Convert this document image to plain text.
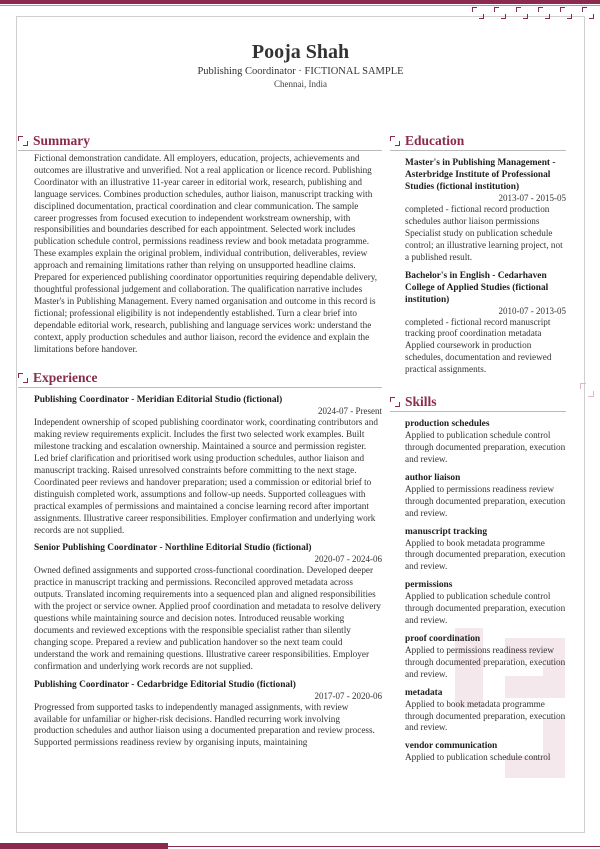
Pooja Shah
Publishing Coordinator · FICTIONAL SAMPLE
Chennai, India
Summary
Fictional demonstration candidate. All employers, education, projects, achievements and outcomes are illustrative and unverified. Not a real application or licence record. Publishing Coordinator with an illustrative 11-year career in editorial work, research, publishing and language services. Combines production schedules, author liaison, manuscript tracking with disciplined documentation, practical coordination and clear communication. The sample career progresses from focused execution to independent workstream ownership, with responsibilities and boundaries described for each appointment. Selected work includes publication schedule control, permissions readiness review and book metadata programme. These examples explain the original problem, individual contribution, deliverables, review approach and remaining limitations rather than relying on unsupported headline claims. Prepared for experienced publishing coordinator opportunities requiring dependable delivery, thoughtful professional judgement and collaboration. The qualification narrative includes Master's in Publishing Management. Every named organisation and outcome in this record is fictional; professional eligibility is not independently established. Turn a clear brief into dependable editorial work, research, publishing and language services work: understand the context, apply production schedules and author liaison, record the evidence and explain the limitations before handover.
Experience
Publishing Coordinator - Meridian Editorial Studio (fictional)
2024-07 - Present
Independent ownership of scoped publishing coordinator work, coordinating contributors and making review requirements explicit. Includes the first two selected work examples. Built milestone tracking and escalation ownership. Maintained a source and permission register. Led brief clarification and prioritised work using production schedules, author liaison and manuscript tracking. Raised unresolved constraints before committing to the next stage. Coordinated peer reviews and handover preparation; used a commission or editorial brief to distinguish completed work, assumptions and follow-up needs. Supported colleagues with practical examples of permissions and maintained a concise learning record after important assignments. Illustrative career responsibilities. Employer confirmation and underlying work records are not supplied.
Senior Publishing Coordinator - Northline Editorial Studio (fictional)
2020-07 - 2024-06
Owned defined assignments and supported cross-functional coordination. Developed deeper practice in manuscript tracking and permissions. Reconciled approved metadata across outputs. Translated incoming requirements into a sequenced plan and aligned responsibilities with the project or service owner. Applied proof coordination and metadata to resolve delivery questions while maintaining source and decision notes. Introduced reusable working documents and reviewed exceptions with the responsible specialist rather than silently changing scope. Prepared a review and publication handover so the next team could understand the work and remaining questions. Illustrative career responsibilities. Employer confirmation and underlying work records are not supplied.
Publishing Coordinator - Cedarbridge Editorial Studio (fictional)
2017-07 - 2020-06
Progressed from supported tasks to independently managed assignments, with review available for unfamiliar or higher-risk decisions. Handled recurring work involving production schedules and author liaison using a documented preparation and review process. Supported permissions readiness review by organising inputs, maintaining
Education
Master's in Publishing Management - Asterbridge Institute of Professional Studies (fictional institution)
2013-07 - 2015-05
completed - fictional record production schedules author liaison permissions Specialist study on publication schedule control; an illustrative learning project, not a published result.
Bachelor's in English - Cedarhaven College of Applied Studies (fictional institution)
2010-07 - 2013-05
completed - fictional record manuscript tracking proof coordination metadata Applied coursework in production schedules, documentation and reviewed practical assignments.
Skills
production schedules
Applied to publication schedule control through documented preparation, execution and review.
author liaison
Applied to permissions readiness review through documented preparation, execution and review.
manuscript tracking
Applied to book metadata programme through documented preparation, execution and review.
permissions
Applied to publication schedule control through documented preparation, execution and review.
proof coordination
Applied to permissions readiness review through documented preparation, execution and review.
metadata
Applied to book metadata programme through documented preparation, execution and review.
vendor communication
Applied to publication schedule control
